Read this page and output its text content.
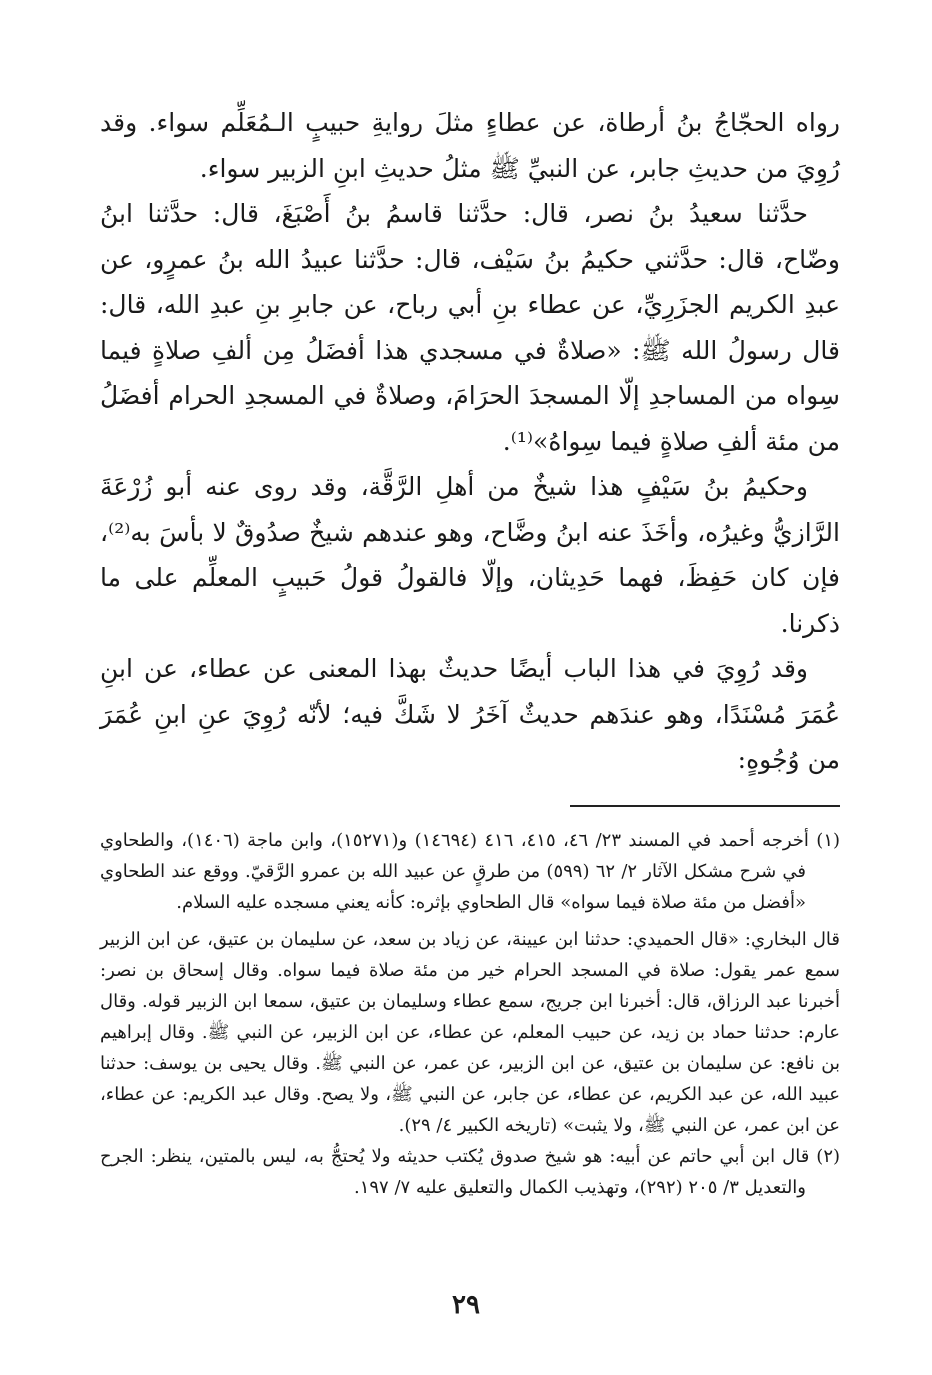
رواه الحجّاجُ بنُ أرطاة، عن عطاءٍ مثلَ روايةِ حبيبٍ الـمُعَلِّم سواء. وقد رُوِيَ من حديثِ جابر، عن النبيِّ ﷺ مثلُ حديثِ ابنِ الزبير سواء.

حدَّثنا سعيدُ بنُ نصر، قال: حدَّثنا قاسمُ بنُ أَصْبَغَ، قال: حدَّثنا ابنُ وضّاح، قال: حدَّثني حكيمُ بنُ سَيْف، قال: حدَّثنا عبيدُ الله بنُ عمرٍو، عن عبدِ الكريم الجزَرِيِّ، عن عطاء بنِ أبي رباح، عن جابرِ بنِ عبدِ الله، قال: قال رسولُ الله ﷺ: «صلاةٌ في مسجدي هذا أفضَلُ مِن ألفِ صلاةٍ فيما سِواه من المساجدِ إلّا المسجدَ الحرَامَ، وصلاةٌ في المسجدِ الحرام أفضَلُ من مئة ألفِ صلاةٍ فيما سِواهُ»⁽¹⁾.

وحكيمُ بنُ سَيْفٍ هذا شيخٌ من أهلِ الرَّقَّة، وقد روى عنه أبو زُرْعَةَ الرَّازيُّ وغيرُه، وأخَذَ عنه ابنُ وضَّاح، وهو عندهم شيخٌ صدُوقٌ لا بأسَ به⁽²⁾، فإن كان حَفِظَ، فهما حَدِيثان، وإلّا فالقولُ قولُ حَبيبٍ المعلِّم على ما ذكرنا.

وقد رُوِيَ في هذا الباب أيضًا حديثٌ بهذا المعنى عن عطاء، عن ابنِ عُمَرَ مُسْنَدًا، وهو عندَهم حديثٌ آخَرُ لا شَكَّ فيه؛ لأنّه رُوِيَ عنِ ابنِ عُمَرَ من وُجُوهٍ:

(١) أخرجه أحمد في المسند ٢٣/ ٤٦، ٤١٥، ٤١٦ (١٤٦٩٤) و(١٥٢٧١)، وابن ماجة (١٤٠٦)، والطحاوي في شرح مشكل الآثار ٢/ ٦٢ (٥٩٩) من طرقٍ عن عبيد الله بن عمرو الرَّقيّ. ووقع عند الطحاوي «أفضل من مئة صلاة فيما سواه» قال الطحاوي بإثره: كأنه يعني مسجده عليه السلام.

قال البخاري: «قال الحميدي: حدثنا ابن عيينة، عن زياد بن سعد، عن سليمان بن عتيق، عن ابن الزبير سمع عمر يقول: صلاة في المسجد الحرام خير من مئة صلاة فيما سواه. وقال إسحاق بن نصر: أخبرنا عبد الرزاق، قال: أخبرنا ابن جريج، سمع عطاء وسليمان بن عتيق، سمعا ابن الزبير قوله. وقال عارم: حدثنا حماد بن زيد، عن حبيب المعلم، عن عطاء، عن ابن الزبير، عن النبي ﷺ. وقال إبراهيم بن نافع: عن سليمان بن عتيق، عن ابن الزبير، عن عمر، عن النبي ﷺ. وقال يحيى بن يوسف: حدثنا عبيد الله، عن عبد الكريم، عن عطاء، عن جابر، عن النبي ﷺ، ولا يصح. وقال عبد الكريم: عن عطاء، عن ابن عمر، عن النبي ﷺ، ولا يثبت» (تاريخه الكبير ٤/ ٢٩).

(٢) قال ابن أبي حاتم عن أبيه: هو شيخ صدوق يُكتب حديثه ولا يُحتجُّ به، ليس بالمتين، ينظر: الجرح والتعديل ٣/ ٢٠٥ (٢٩٢)، وتهذيب الكمال والتعليق عليه ٧/ ١٩٧.

٢٩
